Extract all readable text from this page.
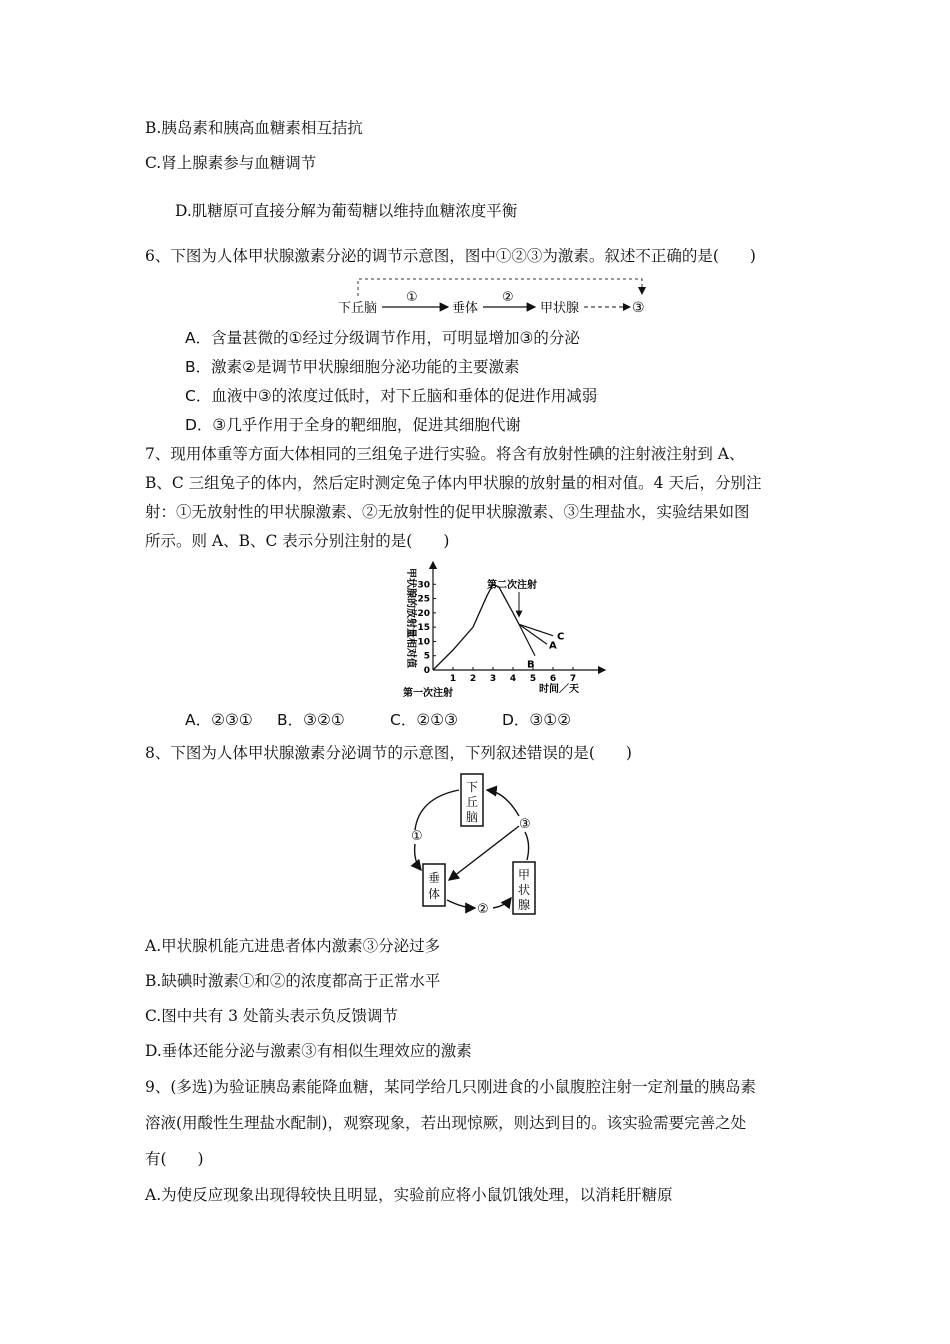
B.胰岛素和胰高血糖素相互拮抗
C.肾上腺素参与血糖调节
D.肌糖原可直接分解为葡萄糖以维持血糖浓度平衡
6、下图为人体甲状腺激素分泌的调节示意图，图中①②③为激素。叙述不正确的是(　　)
下丘脑
①
垂体
②
甲状腺	③
A．含量甚微的①经过分级调节作用，可明显增加③的分泌
B．激素②是调节甲状腺细胞分泌功能的主要激素
C．血液中③的浓度过低时，对下丘脑和垂体的促进作用减弱
D．③几乎作用于全身的靶细胞，促进其细胞代谢
7、现用体重等方面大体相同的三组兔子进行实验。将含有放射性碘的注射液注射到 A、
B、C 三组兔子的体内，然后定时测定兔子体内甲状腺的放射量的相对值。4 天后，分别注
射：①无放射性的甲状腺激素、②无放射性的促甲状腺激素、③生理盐水，实验结果如图
所示。则 A、B、C 表示分别注射的是(　　)
1 2 3 4 5 6 7
0
5
10
15
20
25
30
A
B
C
第二次注射
时间／天
第一次注射
甲状腺的放射量相对值
A．②③① B．③②①	C．②①③	D．③①②
8、下图为人体甲状腺激素分泌调节的示意图，下列叙述错误的是(　　)
下
丘
脑
垂
体
甲
状
腺
①
②
③
A.甲状腺机能亢进患者体内激素③分泌过多
B.缺碘时激素①和②的浓度都高于正常水平
C.图中共有 3 处箭头表示负反馈调节
D.垂体还能分泌与激素③有相似生理效应的激素
9、(多选)为验证胰岛素能降血糖，某同学给几只刚进食的小鼠腹腔注射一定剂量的胰岛素
溶液(用酸性生理盐水配制)，观察现象，若出现惊厥，则达到目的。该实验需要完善之处
有(　　)
A.为使反应现象出现得较快且明显，实验前应将小鼠饥饿处理，以消耗肝糖原
